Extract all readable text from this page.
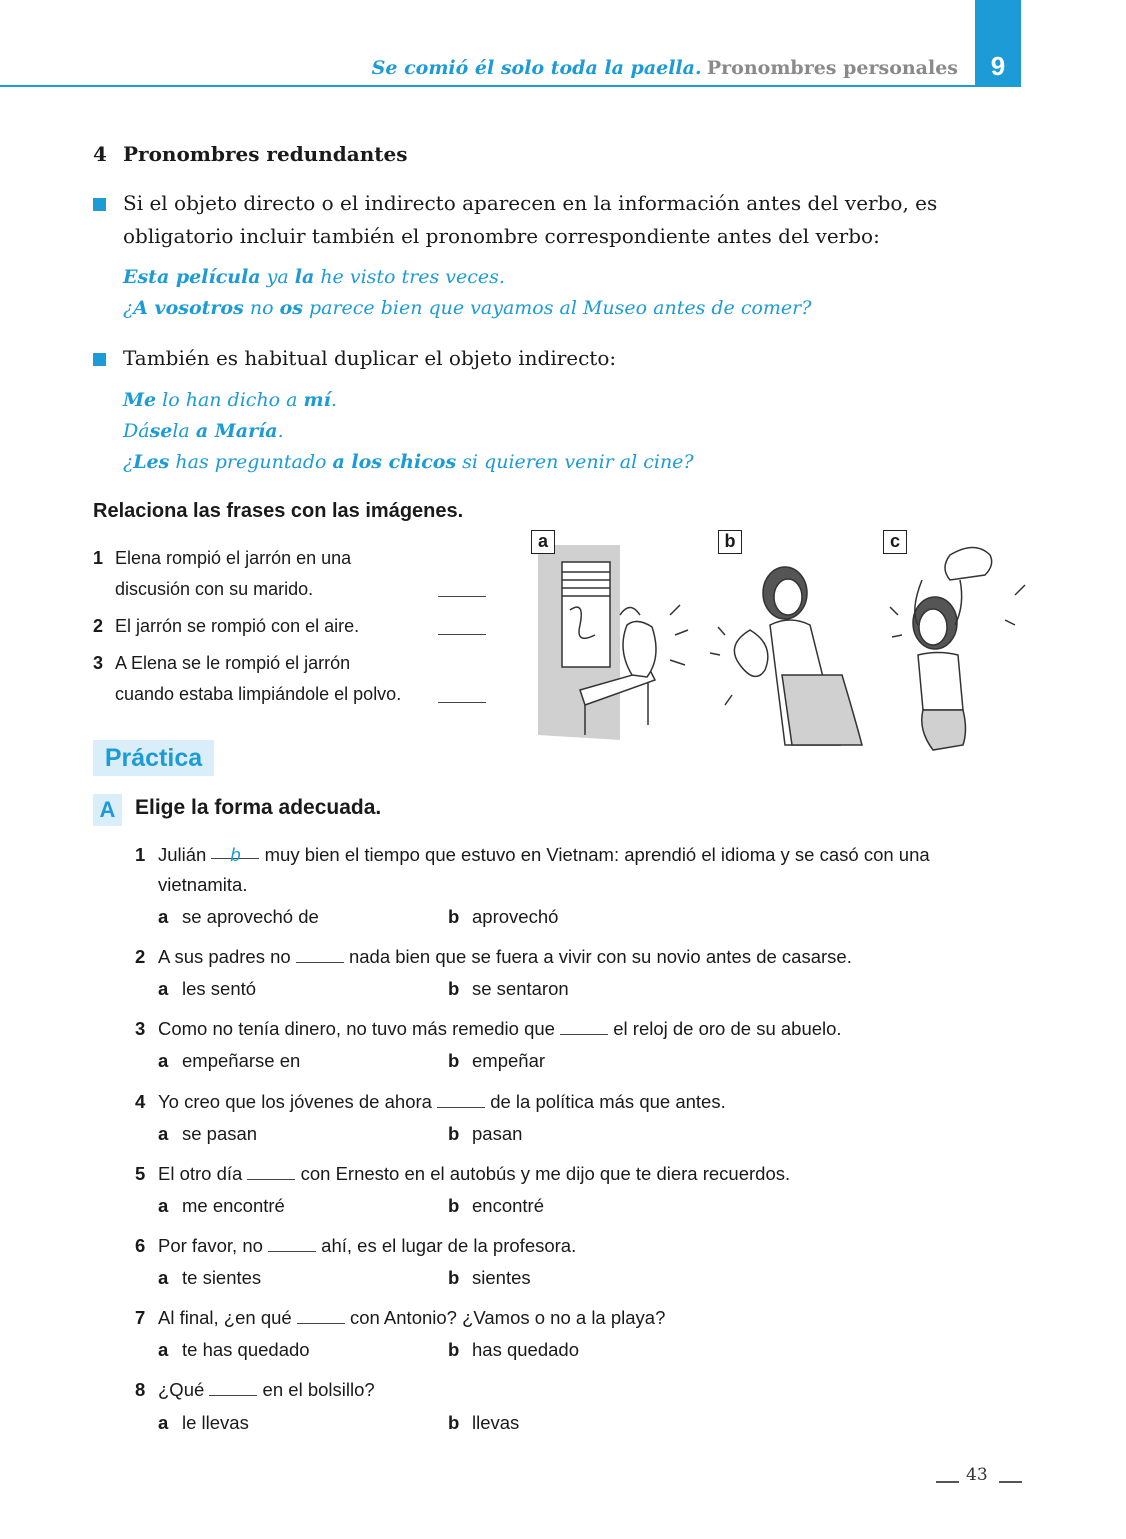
Se comió él solo toda la paella. Pronombres personales	9
4 Pronombres redundantes
Si el objeto directo o el indirecto aparecen en la información antes del verbo, es obligatorio incluir también el pronombre correspondiente antes del verbo:
Esta película ya la he visto tres veces.
¿A vosotros no os parece bien que vayamos al Museo antes de comer?
También es habitual duplicar el objeto indirecto:
Me lo han dicho a mí.
Dásela a María.
¿Les has preguntado a los chicos si quieren venir al cine?
Relaciona las frases con las imágenes.
1 Elena rompió el jarrón en una
discusión con su marido.
2 El jarrón se rompió con el aire.
3 A Elena se le rompió el jarrón
cuando estaba limpiándole el polvo.
a	b	c
Práctica
A Elige la forma adecuada.
1 Julián b muy bien el tiempo que estuvo en Vietnam: aprendió el idioma y se casó con una vietnamita.
a se aprovechó de	b aprovechó
2 A sus padres no	nada bien que se fuera a vivir con su novio antes de casarse.
a les sentó	b se sentaron
3 Como no tenía dinero, no tuvo más remedio que	el reloj de oro de su abuelo.
a empeñarse en	b empeñar
4 Yo creo que los jóvenes de ahora	de la política más que antes.
a se pasan	b pasan
5 El otro día	con Ernesto en el autobús y me dijo que te diera recuerdos.
a me encontré	b encontré
6 Por favor, no	ahí, es el lugar de la profesora.
a te sientes	b sientes
7 Al final, ¿en qué	con Antonio? ¿Vamos o no a la playa?
a te has quedado	b has quedado
8 ¿Qué	en el bolsillo?
a le llevas	b llevas
43
